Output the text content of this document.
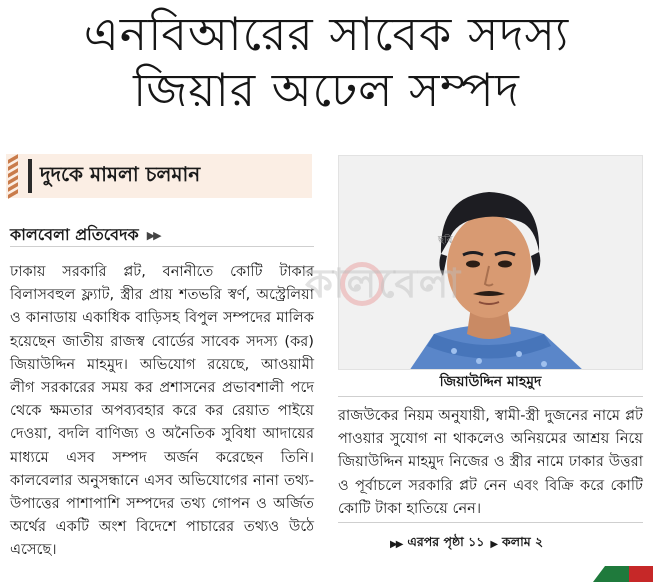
এনবিআরের সাবেক সদস্য
জিয়ার অঢেল সম্পদ
দুদকে মামলা চলমান
কালবেলা প্রতিবেদক ▶▶

ঢাকায় সরকারি প্লট, বনানীতে কোটি টাকার বিলাসবহুল ফ্ল্যাট, স্ত্রীর প্রায় শতভরি স্বর্ণ, অস্ট্রেলিয়া ও কানাডায় একাধিক বাড়িসহ বিপুল সম্পদের মালিক হয়েছেন জাতীয় রাজস্ব বোর্ডের সাবেক সদস্য (কর) জিয়াউদ্দিন মাহমুদ। অভিযোগ রয়েছে, আওয়ামী লীগ সরকারের সময় কর প্রশাসনের প্রভাবশালী পদে থেকে ক্ষমতার অপব্যবহার করে কর রেয়াত পাইয়ে দেওয়া, বদলি বাণিজ্য ও অনৈতিক সুবিধা আদায়ের মাধ্যমে এসব সম্পদ অর্জন করেছেন তিনি। কালবেলার অনুসন্ধানে এসব অভিযোগের নানা তথ্য-উপাত্তের পাশাপাশি সম্পদের তথ্য গোপন ও অর্জিত অর্থের একটি অংশ বিদেশে পাচারের তথ্যও উঠে এসেছে।

কালবেলা
ছবি
জিয়াউদ্দিন মাহমুদ

রাজউকের নিয়ম অনুযায়ী, স্বামী-স্ত্রী দুজনের নামে প্লট পাওয়ার সুযোগ না থাকলেও অনিয়মের আশ্রয় নিয়ে জিয়াউদ্দিন মাহমুদ নিজের ও স্ত্রীর নামে ঢাকার উত্তরা ও পূর্বাচলে সরকারি প্লট নেন এবং বিক্রি করে কোটি কোটি টাকা হাতিয়ে নেন।

▶▶ এরপর পৃষ্ঠা ১১ ▶ কলাম ২
